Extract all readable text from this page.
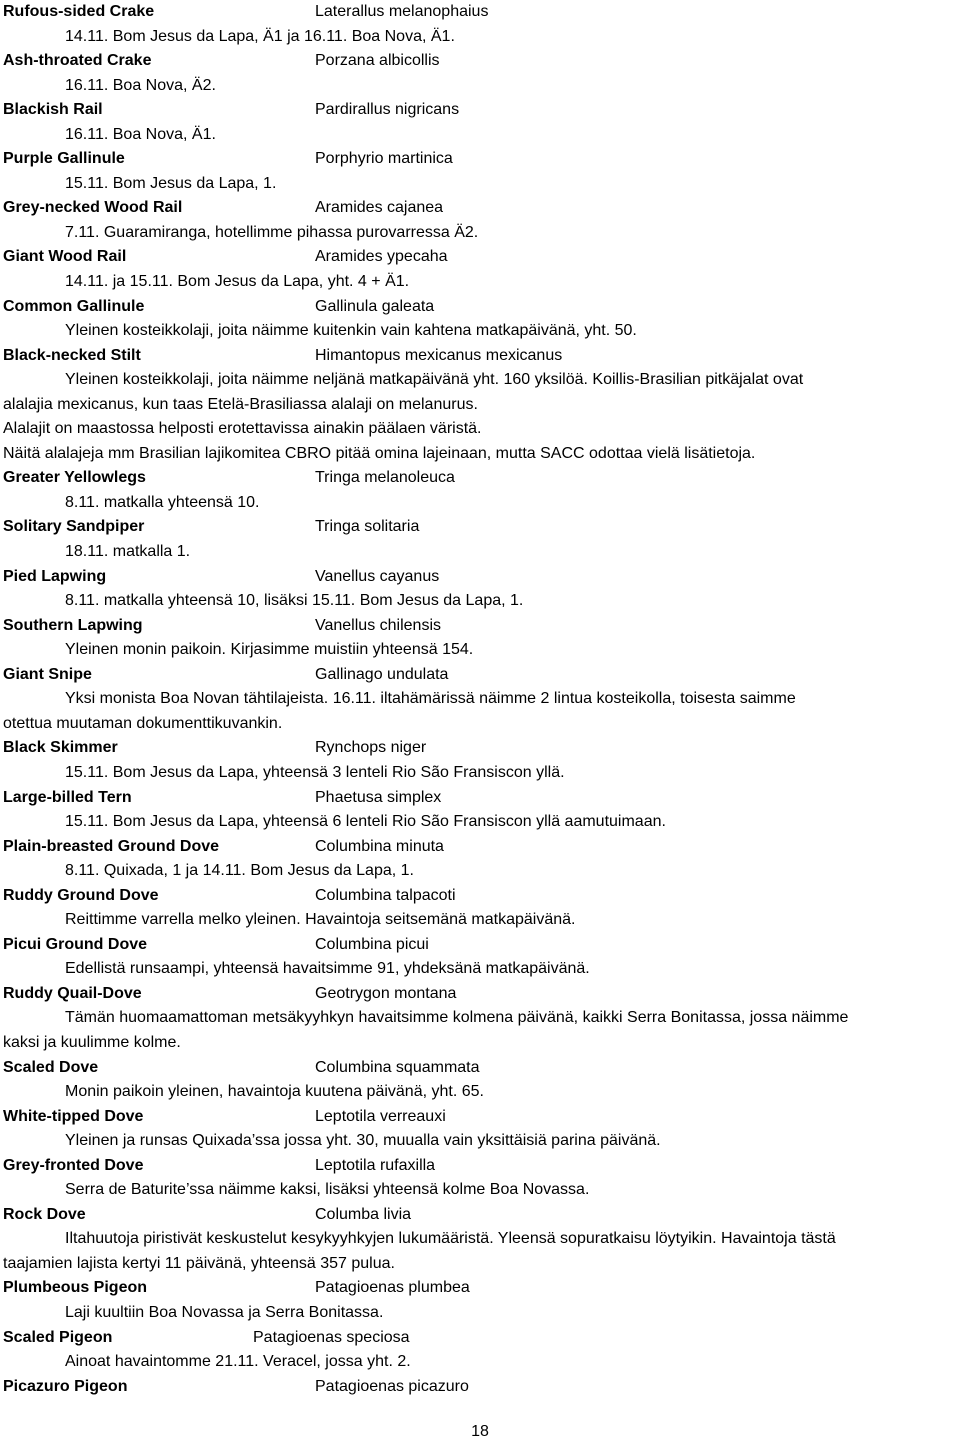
Rufous-sided Crake	Laterallus melanophaius
14.11. Bom Jesus da Lapa, Ä1 ja 16.11. Boa Nova, Ä1.
Ash-throated Crake	Porzana albicollis
16.11. Boa Nova, Ä2.
Blackish Rail	Pardirallus nigricans
16.11. Boa Nova, Ä1.
Purple Gallinule	Porphyrio martinica
15.11. Bom Jesus da Lapa, 1.
Grey-necked Wood Rail	Aramides cajanea
7.11. Guaramiranga, hotellimme pihassa purovarressa Ä2.
Giant Wood Rail	Aramides ypecaha
14.11. ja 15.11. Bom Jesus da Lapa, yht. 4 + Ä1.
Common Gallinule	Gallinula galeata
Yleinen kosteikkolaji, joita näimme kuitenkin vain kahtena matkapäivänä, yht. 50.
Black-necked Stilt	Himantopus mexicanus mexicanus
Yleinen kosteikkolaji, joita näimme neljänä matkapäivänä yht. 160 yksilöä. Koillis-Brasilian pitkäjalat ovat
alalajia mexicanus, kun taas Etelä-Brasiliassa alalaji on melanurus.
Alalajit on maastossa helposti erotettavissa ainakin päälaen väristä.
Näitä alalajeja mm Brasilian lajikomitea CBRO pitää omina lajeinaan, mutta SACC odottaa vielä lisätietoja.
Greater Yellowlegs	Tringa melanoleuca
8.11. matkalla yhteensä 10.
Solitary Sandpiper	Tringa solitaria
18.11. matkalla 1.
Pied Lapwing	Vanellus cayanus
8.11. matkalla yhteensä 10, lisäksi 15.11. Bom Jesus da Lapa, 1.
Southern Lapwing	Vanellus chilensis
Yleinen monin paikoin. Kirjasimme muistiin yhteensä 154.
Giant Snipe	Gallinago undulata
Yksi monista Boa Novan tähtilajeista. 16.11. iltahämärissä näimme 2 lintua kosteikolla, toisesta saimme
otettua muutaman dokumenttikuvankin.
Black Skimmer	Rynchops niger
15.11. Bom Jesus da Lapa, yhteensä 3 lenteli Rio São Fransiscon yllä.
Large-billed Tern	Phaetusa simplex
15.11. Bom Jesus da Lapa, yhteensä 6 lenteli Rio São Fransiscon yllä aamutuimaan.
Plain-breasted Ground Dove	Columbina minuta
8.11. Quixada, 1 ja 14.11. Bom Jesus da Lapa, 1.
Ruddy Ground Dove	Columbina talpacoti
Reittimme varrella melko yleinen. Havaintoja seitsemänä matkapäivänä.
Picui Ground Dove	Columbina picui
Edellistä runsaampi, yhteensä havaitsimme 91, yhdeksänä matkapäivänä.
Ruddy Quail-Dove	Geotrygon montana
Tämän huomaamattoman metsäkyyhkyn havaitsimme kolmena päivänä, kaikki Serra Bonitassa, jossa näimme
kaksi ja kuulimme kolme.
Scaled Dove	Columbina squammata
Monin paikoin yleinen, havaintoja kuutena päivänä, yht. 65.
White-tipped Dove	Leptotila verreauxi
Yleinen ja runsas Quixada’ssa jossa yht. 30, muualla vain yksittäisiä parina päivänä.
Grey-fronted Dove	Leptotila rufaxilla
Serra de Baturite’ssa näimme kaksi, lisäksi yhteensä kolme Boa Novassa.
Rock Dove	Columba livia
Iltahuutoja piristivät keskustelut kesykyyhkyjen lukumääristä. Yleensä sopuratkaisu löytyikin. Havaintoja tästä
taajamien lajista kertyi 11 päivänä, yhteensä 357 pulua.
Plumbeous Pigeon	Patagioenas plumbea
Laji kuultiin Boa Novassa ja Serra Bonitassa.
Scaled Pigeon	Patagioenas speciosa
Ainoat havaintomme 21.11. Veracel, jossa yht. 2.
Picazuro Pigeon	Patagioenas picazuro
18
